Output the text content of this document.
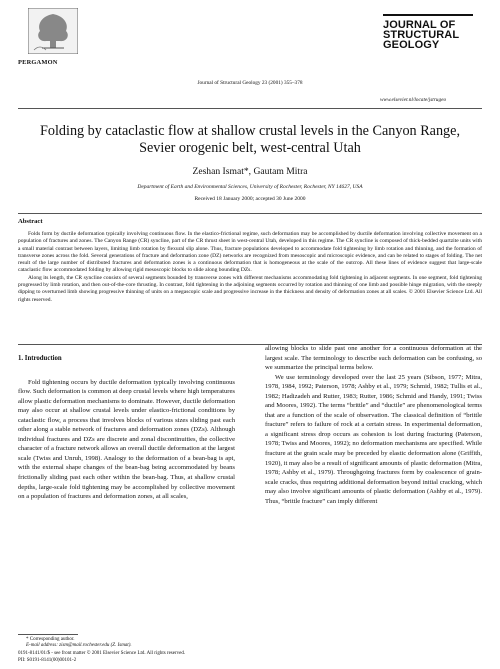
PERGAMON
Journal of Structural Geology 23 (2001) 355–378
JOURNAL OF
STRUCTURAL
GEOLOGY
www.elsevier.nl/locate/jstrugeo
Folding by cataclastic flow at shallow crustal levels in the Canyon Range,
Sevier orogenic belt, west-central Utah
Zeshan Ismat*, Gautam Mitra
Department of Earth and Environmental Sciences, University of Rochester, Rochester, NY 14627, USA
Received 18 January 2000; accepted 30 June 2000
Abstract

Folds form by ductile deformation typically involving continuous flow. In the elastico-frictional regime, such deformation may be accomplished by ductile deformation involving collective movement on a population of fractures and zones. The Canyon Range (CR) syncline, part of the CR thrust sheet in west-central Utah, developed in this regime. The CR syncline is composed of thick-bedded quartzite units with a small material contrast between layers, limiting limb rotation by flexural slip alone. Thus, fracture populations developed to accommodate fold tightening by limb rotation and thinning, and the formation of transverse zones across the fold. Several generations of fracture and deformation zone (DZ) networks are recognized from mesoscopic and microscopic evidence, and can be related to stages of folding. The net result of the large number of distributed fractures and deformation zones is a continuous deformation that is homogeneous at the scale of the outcrop. All these lines of evidence suggest that large-scale cataclastic flow accommodated folding by allowing rigid mesoscopic blocks to slide along bounding DZs.

Along its length, the CR syncline consists of several segments bounded by transverse zones with different mechanisms accommodating fold tightening in adjacent segments. In one segment, fold tightening progressed by limb rotation, and then out-of-the-core thrusting. In contrast, fold tightening in the adjoining segments occurred by rotation and thinning of one limb and possible hinge migration, with the steeply dipping to overturned limb showing progressive thinning of units on a megascopic scale and progressive increase in the thickness and density of deformation zones at all scales. © 2001 Elsevier Science Ltd. All rights reserved.

1. Introduction

Fold tightening occurs by ductile deformation typically involving continuous flow. Such deformation is common at deep crustal levels where high temperatures allow plastic deformation mechanisms to dominate. However, ductile deformation may also occur at shallow crustal levels under elastico-frictional conditions by cataclastic flow, a process that involves blocks of various sizes sliding past each other along a stable network of fractures and deformation zones (DZs). Although individual fractures and DZs are discrete and zonal discontinuities, the collective character of a fracture network allows an overall ductile deformation at the largest scale (Twiss and Unruh, 1998). Analogy to the deformation of a bean-bag is apt, with the external shape changes of the bean-bag being accommodated by beans frictionally sliding past each other within the bean-bag. Thus, at shallow crustal depths, large-scale fold tightening may be accomplished by collective movement on a population of fractures and deformation zones, at all scales,

allowing blocks to slide past one another for a continuous deformation at the largest scale. The terminology to describe such deformation can be confusing, so we summarize the principal terms below.

We use terminology developed over the last 25 years (Sibson, 1977; Mitra, 1978, 1984, 1992; Paterson, 1978; Ashby et al., 1979; Schmid, 1982; Tullis et al., 1982; Hadizadeh and Rutter, 1983; Rutter, 1986; Schmid and Handy, 1991; Twiss and Moores, 1992). The terms “brittle” and “ductile” are phenomenological terms that are a function of the scale of observation. The classical definition of “brittle fracture” refers to failure of rock at a certain stress. In experimental deformation, a significant stress drop occurs as cohesion is lost during fracturing (Paterson, 1978; Twiss and Moores, 1992); no deformation mechanisms are specified. While fracture at the grain scale may be preceded by elastic deformation alone (Griffith, 1920), it may also be a result of significant amounts of plastic deformation (Mitra, 1978; Ashby et al., 1979). Throughgoing fractures form by coalescence of grain-scale cracks, thus requiring additional deformation beyond initial cracking, which may also involve significant amounts of plastic deformation (Ashby et al., 1979). Thus, “brittle fracture” can imply different

* Corresponding author.
E-mail address: zism@mail.rochester.edu (Z. Ismat).
0191-8141/01/$ - see front matter © 2001 Elsevier Science Ltd. All rights reserved.
PII: S0191-8141(00)00101-2
